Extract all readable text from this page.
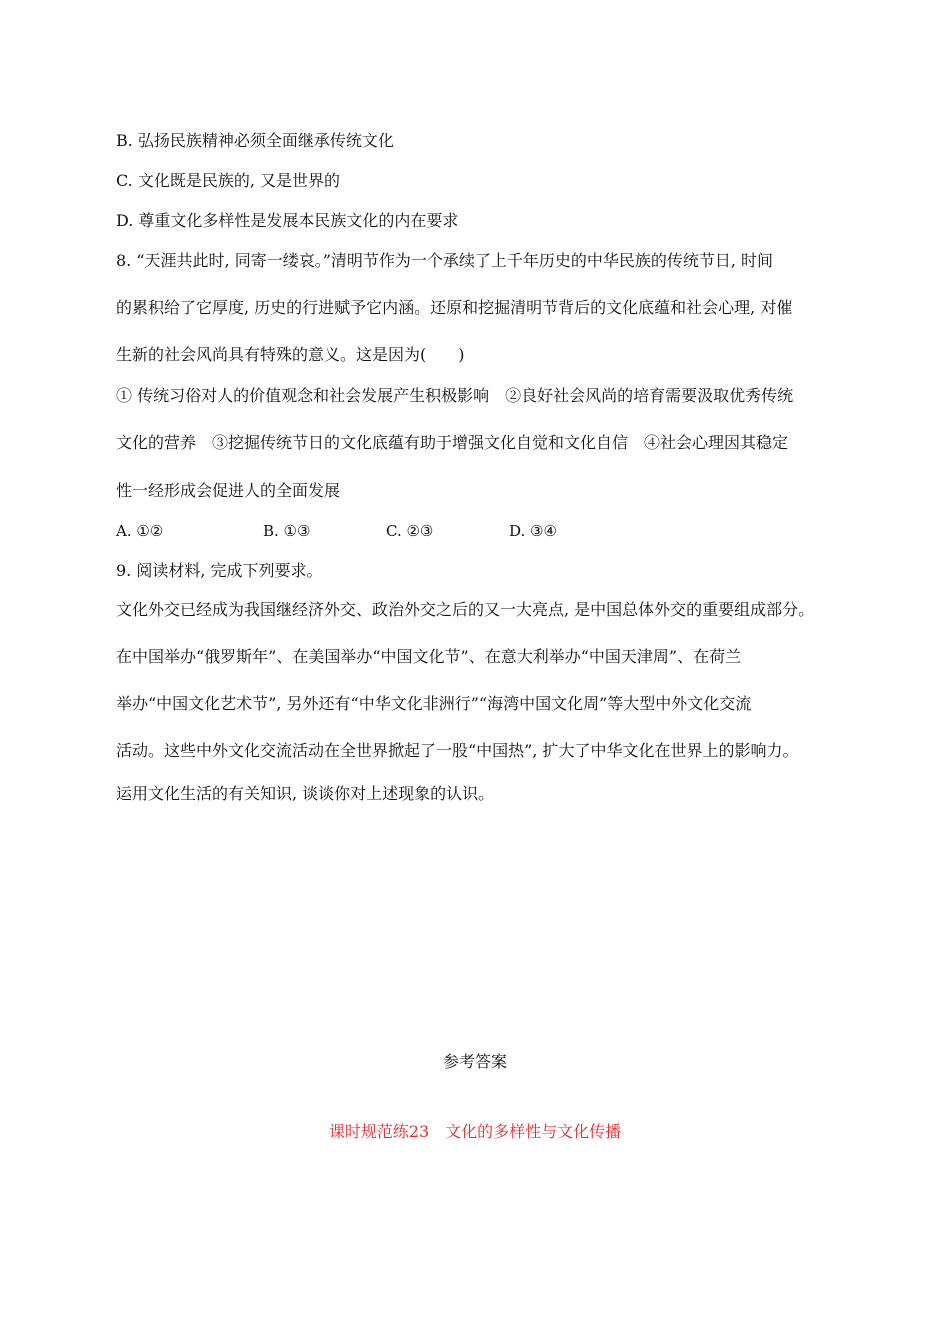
B. 弘扬民族精神必须全面继承传统文化
C. 文化既是民族的, 又是世界的
D. 尊重文化多样性是发展本民族文化的内在要求
8. “天涯共此时, 同寄一缕哀。”清明节作为一个承续了上千年历史的中华民族的传统节日, 时间
的累积给了它厚度, 历史的行进赋予它内涵。还原和挖掘清明节背后的文化底蕴和社会心理, 对催
生新的社会风尚具有特殊的意义。这是因为(　　)
① 传统习俗对人的价值观念和社会发展产生积极影响　②良好社会风尚的培育需要汲取优秀传统
文化的营养　③挖掘传统节日的文化底蕴有助于增强文化自觉和文化自信　④社会心理因其稳定
性一经形成会促进人的全面发展
A. ①②	B. ①③	C. ②③	D. ③④
9. 阅读材料, 完成下列要求。
文化外交已经成为我国继经济外交、政治外交之后的又一大亮点, 是中国总体外交的重要组成部分。
在中国举办“俄罗斯年”、在美国举办“中国文化节”、在意大利举办“中国天津周”、在荷兰
举办“中国文化艺术节”, 另外还有“中华文化非洲行”“海湾中国文化周”等大型中外文化交流
活动。这些中外文化交流活动在全世界掀起了一股“中国热”, 扩大了中华文化在世界上的影响力。
运用文化生活的有关知识, 谈谈你对上述现象的认识。
参考答案
课时规范练23　文化的多样性与文化传播
